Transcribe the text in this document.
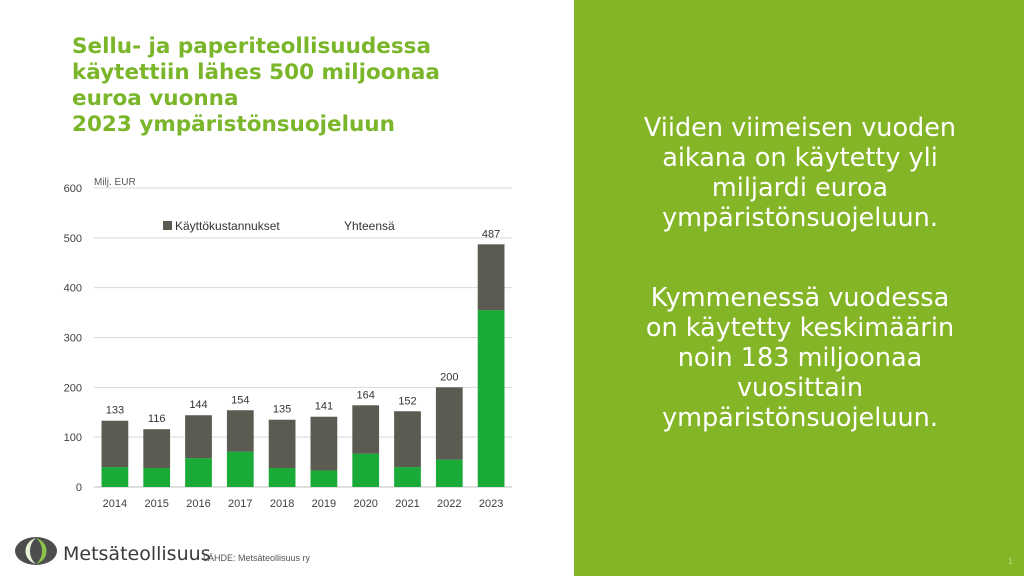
Sellu- ja paperiteollisuudessa
käytettiin lähes 500 miljoonaa
euroa vuonna
2023 ympäristönsuojeluun
0
100
200
300
400
500
600
Milj. EUR
Käyttökustannukset	Yhteensä
133
2014
116
2015
144
2016
154
2017
135
2018
141
2019
164
2020
152
2021
200
2022
487
2023
Viiden viimeisen vuoden
aikana on käytetty yli
miljardi euroa
ympäristönsuojeluun.
Kymmenessä vuodessa
on käytetty keskimäärin
noin 183 miljoonaa
vuosittain
ympäristönsuojeluun.
Metsäteollisuus
LÄHDE: Metsäteollisuus ry	1
